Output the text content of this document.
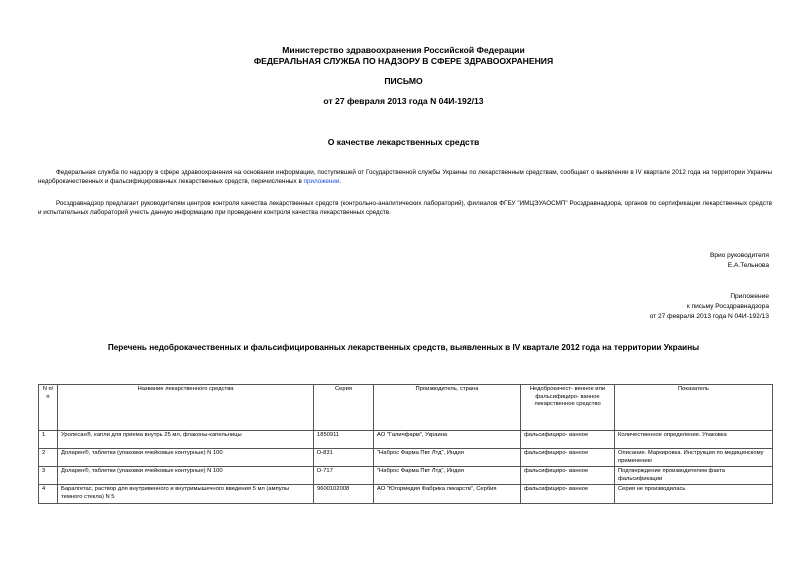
Министерство здравоохранения Российской Федерации
ФЕДЕРАЛЬНАЯ СЛУЖБА ПО НАДЗОРУ В СФЕРЕ ЗДРАВООХРАНЕНИЯ
ПИСЬМО
от 27 февраля 2013 года N 04И-192/13
О качестве лекарственных средств
Федеральная служба по надзору в сфере здравоохранения на основании информации, поступившей от Государственной службы Украины по лекарственным средствам, сообщает о выявлении в IV квартале 2012 года на территории Украины недоброкачественных и фальсифицированных лекарственных средств, перечисленных в приложении.
Росздравнадзор предлагает руководителям центров контроля качества лекарственных средств (контрольно-аналитических лабораторий), филиалов ФГБУ "ИМЦЭУАОСМП" Росздравнадзора, органов по сертификации лекарственных средств и испытательных лабораторий учесть данную информацию при проведении контроля качества лекарственных средств.
Врио руководителя
Е.А.Тельнова
Приложение
к письму Росздравнадзора
от 27 февраля 2013 года N 04И-192/13
Перечень недоброкачественных и фальсифицированных лекарственных средств, выявленных в IV квартале 2012 года на территории Украины
N п/п	Название лекарственного средства	Серия	Производитель, страна	Недоброкачест- венное или фальсифициро- ванное лекарственное средство	Показатель
1	Уролесан®, капли для приема внутрь 25 мл, флаконы-капельницы	1850911	АО "Галичфарм", Украина	фальсифициро- ванное	Количественное определение. Упаковка
2	Доларен®, таблетки (упаковки ячейковые контурные) N 100	D-831	"Нaброс Фарма Пвт Лтд", Индия	фальсифициро- ванное	Описание. Маркировка. Инструкция по медицинскому применению
3	Доларен®, таблетки (упаковки ячейковые контурные) N 100	D-717	"Нaброс Фарма Пвт Лтд", Индия	фальсифициро- ванное	Подтверждение производителем факта фальсификации
4	Баралгетас, раствор для внутривенного и внутримышечного введения 5 мл (ампулы темного стекла) N 5	9600102008	АО "Югормедия Фабрика лекарств", Сербия	фальсифициро- ванное	Серия не производилась
